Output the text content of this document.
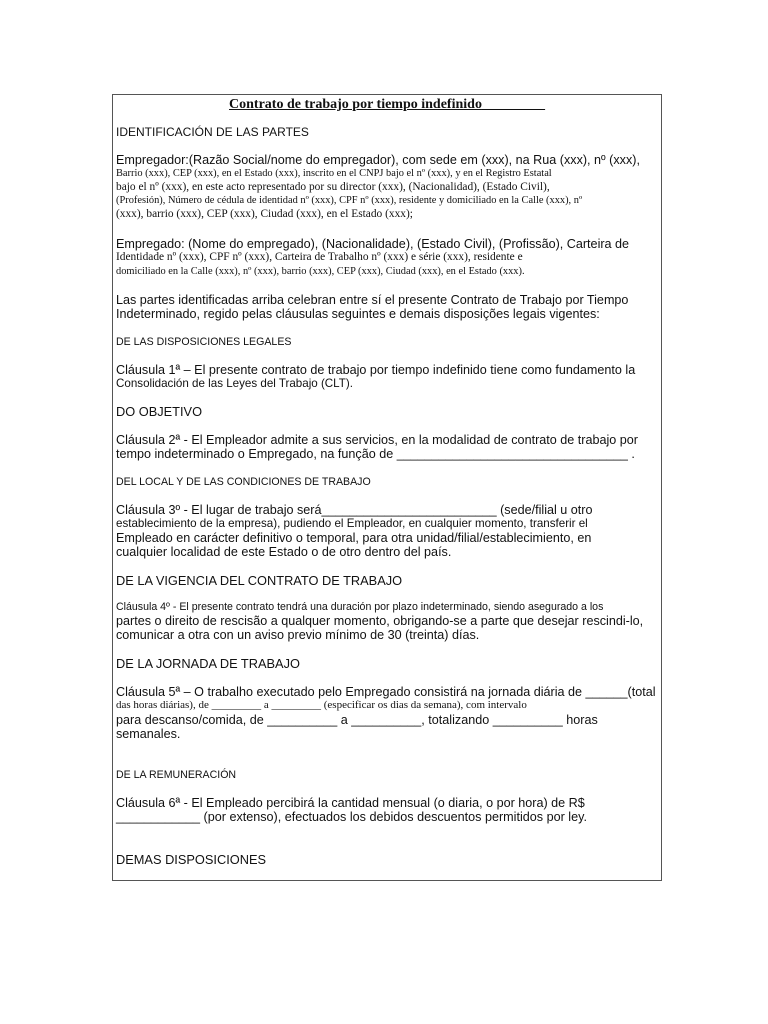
Contrato de trabajo por tiempo indefinido_________

IDENTIFICACIÓN DE LAS PARTES

Empregador:(Razão Social/nome do empregador), com sede em (xxx), na Rua (xxx), nº (xxx),

Barrio (xxx), CEP (xxx), en el Estado (xxx), inscrito en el CNPJ bajo el nº (xxx), y en el Registro Estatal

bajo el nº (xxx), en este acto representado por su director (xxx), (Nacionalidad), (Estado Civil),

(Profesión), Número de cédula de identidad nº (xxx), CPF nº (xxx), residente y domiciliado en la Calle (xxx), nº

(xxx), barrio (xxx), CEP (xxx), Ciudad (xxx), en el Estado (xxx);

Empregado: (Nome do empregado), (Nacionalidade), (Estado Civil), (Profissão), Carteira de

Identidade nº (xxx), CPF nº (xxx), Carteira de Trabalho nº (xxx) e série (xxx), residente e

domiciliado en la Calle (xxx), nº (xxx), barrio (xxx), CEP (xxx), Ciudad (xxx), en el Estado (xxx).

Las partes identificadas arriba celebran entre sí el presente Contrato de Trabajo por Tiempo

Indeterminado, regido pelas cláusulas seguintes e demais disposições legais vigentes:

DE LAS DISPOSICIONES LEGALES

Cláusula 1ª – El presente contrato de trabajo por tiempo indefinido tiene como fundamento la

Consolidación de las Leyes del Trabajo (CLT).

DO OBJETIVO

Cláusula 2ª - El Empleador admite a sus servicios, en la modalidad de contrato de trabajo por

tempo indeterminado o Empregado, na função de _________________________________ .

DEL LOCAL Y DE LAS CONDICIONES DE TRABAJO

Cláusula 3º - El lugar de trabajo será_________________________ (sede/filial u otro

establecimiento de la empresa), pudiendo el Empleador, en cualquier momento, transferir el

Empleado en carácter definitivo o temporal, para otra unidad/filial/establecimiento, en

cualquier localidad de este Estado o de otro dentro del país.

DE LA VIGENCIA DEL CONTRATO DE TRABAJO

Cláusula 4º - El presente contrato tendrá una duración por plazo indeterminado, siendo asegurado a los

partes o direito de rescisão a qualquer momento, obrigando-se a parte que desejar rescindi-lo,

comunicar a otra con un aviso previo mínimo de 30 (treinta) días.

DE LA JORNADA DE TRABAJO

Cláusula 5ª – O trabalho executado pelo Empregado consistirá na jornada diária de ______(total

das horas diárias), de _________ a _________ (especificar os dias da semana), com intervalo

para descanso/comida, de __________ a __________, totalizando __________ horas

semanales.

DE LA REMUNERACIÓN

Cláusula 6ª - El Empleado percibirá la cantidad mensual (o diaria, o por hora) de R$

____________ (por extenso), efectuados los debidos descuentos permitidos por ley.

DEMAS DISPOSICIONES
